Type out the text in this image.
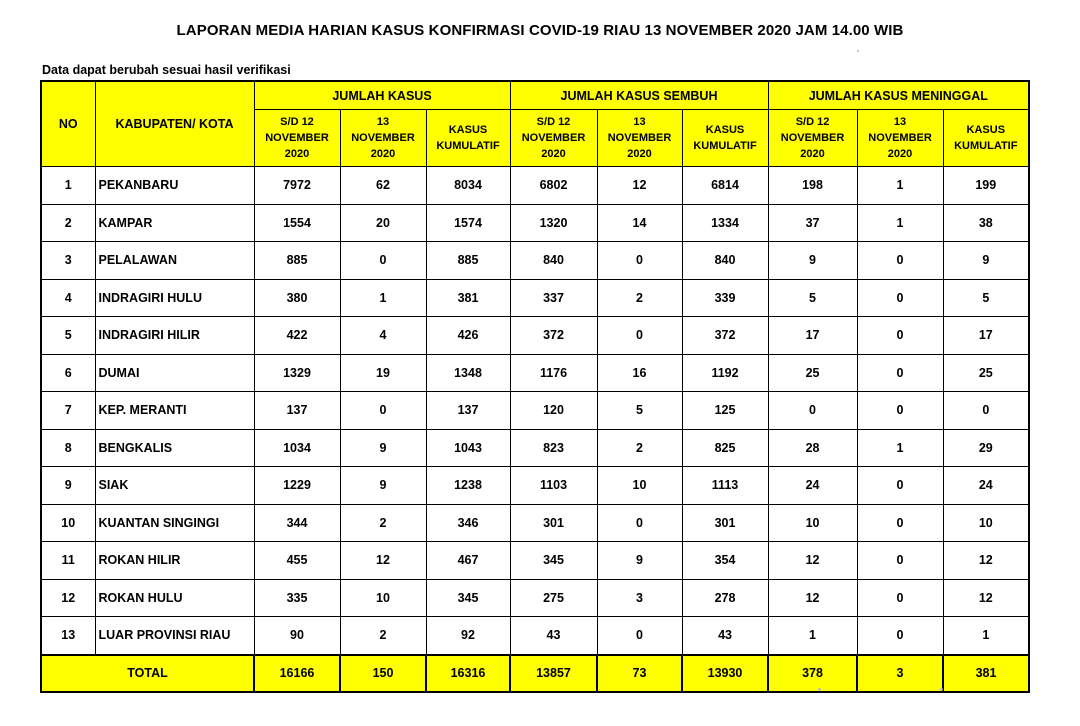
LAPORAN MEDIA HARIAN KASUS KONFIRMASI COVID-19 RIAU 13 NOVEMBER 2020 JAM 14.00 WIB
Data dapat berubah sesuai hasil verifikasi
NO	KABUPATEN/ KOTA	JUMLAH KASUS			JUMLAH KASUS SEMBUH			JUMLAH KASUS MENINGGAL		
		S/D 12
NOVEMBER
2020	13
NOVEMBER
2020	KASUS
KUMULATIF	S/D 12
NOVEMBER
2020	13
NOVEMBER
2020	KASUS
KUMULATIF	S/D 12
NOVEMBER
2020	13
NOVEMBER
2020	KASUS
KUMULATIF
1	PEKANBARU	7972	62	8034	6802	12	6814	198	1	199
2	KAMPAR	1554	20	1574	1320	14	1334	37	1	38
3	PELALAWAN	885	0	885	840	0	840	9	0	9
4	INDRAGIRI HULU	380	1	381	337	2	339	5	0	5
5	INDRAGIRI HILIR	422	4	426	372	0	372	17	0	17
6	DUMAI	1329	19	1348	1176	16	1192	25	0	25
7	KEP. MERANTI	137	0	137	120	5	125	0	0	0
8	BENGKALIS	1034	9	1043	823	2	825	28	1	29
9	SIAK	1229	9	1238	1103	10	1113	24	0	24
10	KUANTAN SINGINGI	344	2	346	301	0	301	10	0	10
11	ROKAN HILIR	455	12	467	345	9	354	12	0	12
12	ROKAN HULU	335	10	345	275	3	278	12	0	12
13	LUAR PROVINSI RIAU	90	2	92	43	0	43	1	0	1
TOTAL		16166	150	16316	13857	73	13930	378	3	381
